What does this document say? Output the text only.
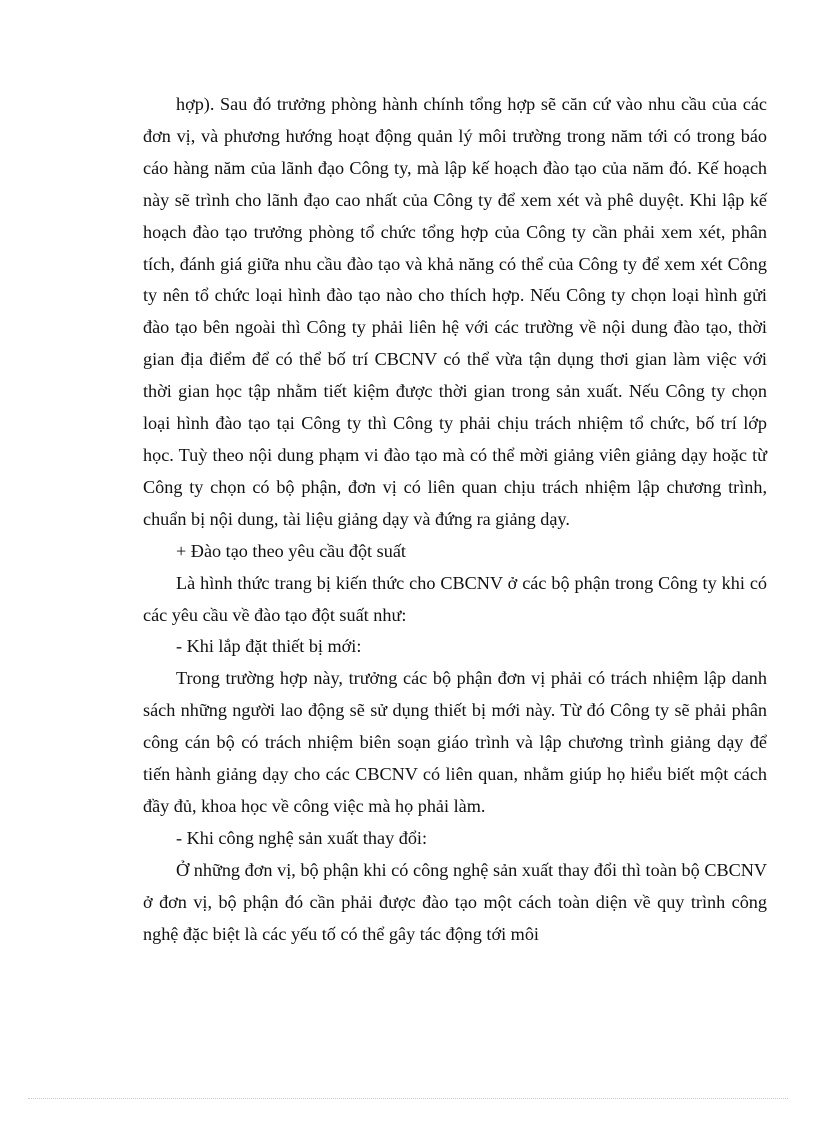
hợp). Sau đó trưởng phòng hành chính tổng hợp sẽ căn cứ vào nhu cầu của các đơn vị, và phương hướng hoạt động quản lý môi trường trong năm tới có trong báo cáo hàng năm của lãnh đạo Công ty, mà lập kế hoạch đào tạo của năm đó. Kế hoạch này sẽ trình cho lãnh đạo cao nhất của Công ty để xem xét và phê duyệt. Khi lập kế hoạch đào tạo trưởng phòng tổ chức tổng hợp của Công ty cần phải xem xét, phân tích, đánh giá giữa nhu cầu đào tạo và khả năng có thể của Công ty để xem xét Công ty nên tổ chức loại hình đào tạo nào cho thích hợp. Nếu Công ty chọn loại hình gửi đào tạo bên ngoài thì Công ty phải liên hệ với các trường về nội dung đào tạo, thời gian địa điểm để có thể bố trí CBCNV có thể vừa tận dụng thơi gian làm việc với thời gian học tập nhằm tiết kiệm được thời gian trong sản xuất. Nếu Công ty chọn loại hình đào tạo tại Công ty thì Công ty phải chịu trách nhiệm tổ chức, bố trí lớp học. Tuỳ theo nội dung phạm vi đào tạo mà có thể mời giảng viên giảng dạy hoặc từ Công ty chọn có bộ phận, đơn vị có liên quan chịu trách nhiệm lập chương trình, chuẩn bị nội dung, tài liệu giảng dạy và đứng ra giảng dạy.

+ Đào tạo theo yêu cầu đột suất

Là hình thức trang bị kiến thức cho CBCNV ở các bộ phận trong Công ty khi có các yêu cầu về đào tạo đột suất như:

- Khi lắp đặt thiết bị mới:

Trong trường hợp này, trưởng các bộ phận đơn vị phải có trách nhiệm lập danh sách những người lao động sẽ sử dụng thiết bị mới này. Từ đó Công ty sẽ phải phân công cán bộ có trách nhiệm biên soạn giáo trình và lập chương trình giảng dạy để tiến hành giảng dạy cho các CBCNV có liên quan, nhằm giúp họ hiểu biết một cách đầy đủ, khoa học về công việc mà họ phải làm.

- Khi công nghệ sản xuất thay đổi:

Ở những đơn vị, bộ phận khi có công nghệ sản xuất thay đổi thì toàn bộ CBCNV ở đơn vị, bộ phận đó cần phải được đào tạo một cách toàn diện về quy trình công nghệ đặc biệt là các yếu tố có thể gây tác động tới môi
